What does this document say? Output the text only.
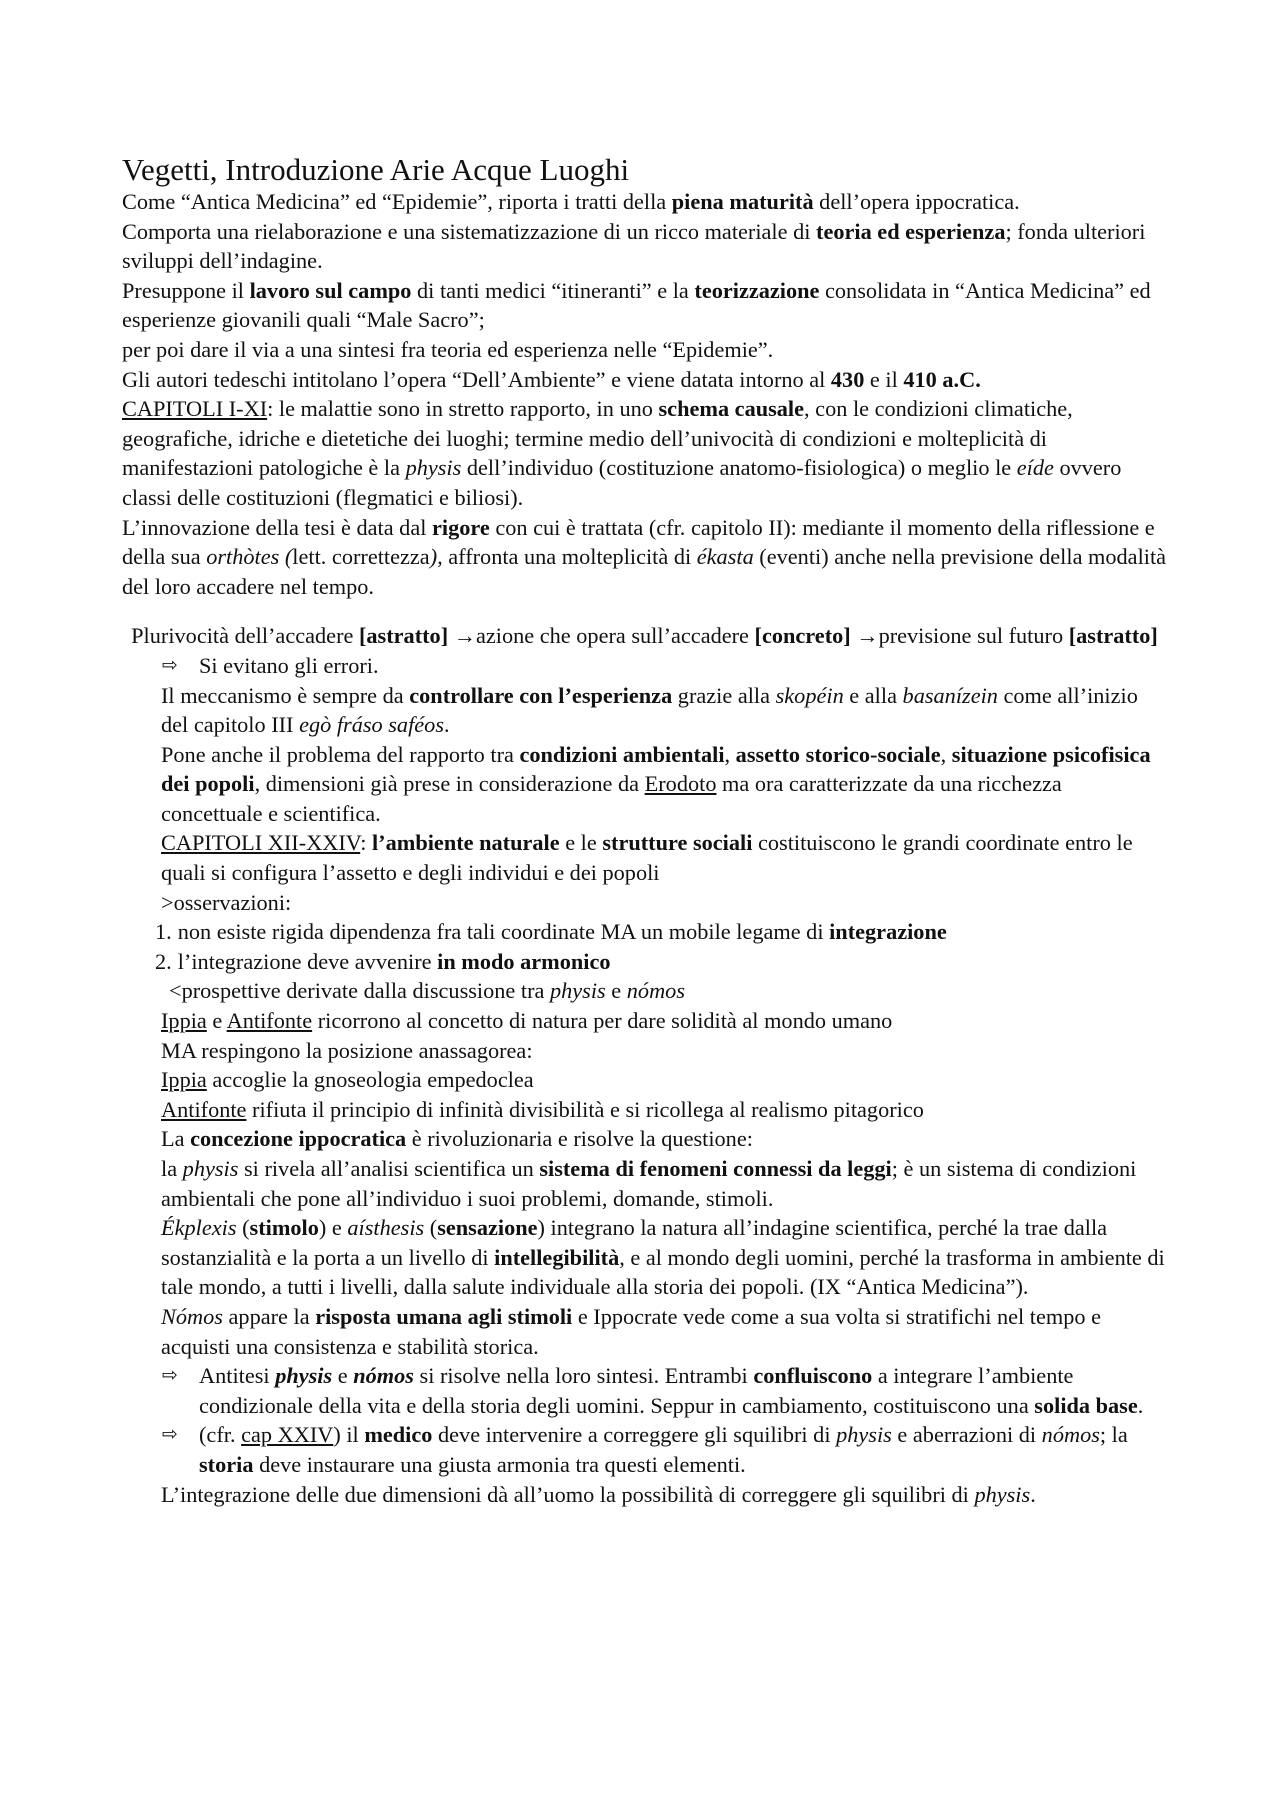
Vegetti, Introduzione Arie Acque Luoghi

Come “Antica Medicina” ed “Epidemie”, riporta i tratti della piena maturità dell’opera ippocratica.

Comporta una rielaborazione e una sistematizzazione di un ricco materiale di teoria ed esperienza; fonda ulteriori sviluppi dell’indagine.

Presuppone il lavoro sul campo di tanti medici “itineranti” e la teorizzazione consolidata in “Antica Medicina” ed esperienze giovanili quali “Male Sacro”;

per poi dare il via a una sintesi fra teoria ed esperienza nelle “Epidemie”.

Gli autori tedeschi intitolano l’opera “Dell’Ambiente” e viene datata intorno al 430 e il 410 a.C.

CAPITOLI I-XI: le malattie sono in stretto rapporto, in uno schema causale, con le condizioni climatiche, geografiche, idriche e dietetiche dei luoghi; termine medio dell’univocità di condizioni e molteplicità di manifestazioni patologiche è la physis dell’individuo (costituzione anatomo-fisiologica) o meglio le eíde ovvero classi delle costituzioni (flegmatici e biliosi).

L’innovazione della tesi è data dal rigore con cui è trattata (cfr. capitolo II): mediante il momento della riflessione e della sua orthòtes (lett. correttezza), affronta una molteplicità di ékasta (eventi) anche nella previsione della modalità del loro accadere nel tempo.

Pluriv​ocità dell’accadere [astratto] →azione che opera sull’accadere [concreto] →previsione sul futuro [astratto]

⇨ Si evitano gli errori.

Il meccanismo è sempre da controllare con l’esperienza grazie alla skopéin e alla basanízein come all’inizio del capitolo III egò fráso saféos.

Pone anche il problema del rapporto tra condizioni ambientali, assetto storico-sociale, situazione psicofisica dei popoli, dimensioni già prese in considerazione da Erodoto ma ora caratterizzate da una ricchezza concettuale e scientifica.

CAPITOLI XII-XXIV: l’ambiente naturale e le strutture sociali costituiscono le grandi coordinate entro le quali si configura l’assetto e degli individui e dei popoli

>osservazioni:

1. non esiste rigida dipendenza fra tali coordinate MA un mobile legame di integrazione

2. l’integrazione deve avvenire in modo armonico

<prospettive derivate dalla discussione tra physis e nómos

Ippia e Antifonte ricorrono al concetto di natura per dare solidità al mondo umano

MA respingono la posizione anassagorea:

Ippia accoglie la gnoseologia empedoclea

Antifonte rifiuta il principio di infinità divisibilità e si ricollega al realismo pitagorico

La concezione ippocratica è rivoluzionaria e risolve la questione:

la physis si rivela all’analisi scientifica un sistema di fenomeni connessi da leggi; è un sistema di condizioni ambientali che pone all’individuo i suoi problemi, domande, stimoli.

Ékplexis (stimolo) e aísthesis (sensazione) integrano la natura all’indagine scientifica, perché la trae dalla sostanzialità e la porta a un livello di intellegibilità, e al mondo degli uomini, perché la trasforma in ambiente di tale mondo, a tutti i livelli, dalla salute individuale alla storia dei popoli. (IX “Antica Medicina”).

Nómos appare la risposta umana agli stimoli e Ippocrate vede come a sua volta si stratifichi nel tempo e acquisti una consistenza e stabilità storica.

⇨ Antitesi physis e nómos si risolve nella loro sintesi. Entrambi confluiscono a integrare l’ambiente condizionale della vita e della storia degli uomini. Seppur in cambiamento, costituiscono una solida base.

⇨ (cfr. cap XXIV) il medico deve intervenire a correggere gli squilibri di physis e aberrazioni di nómos; la storia deve instaurare una giusta armonia tra questi elementi.

L’integrazione delle due dimensioni dà all’uomo la possibilità di correggere gli squilibri di physis.
